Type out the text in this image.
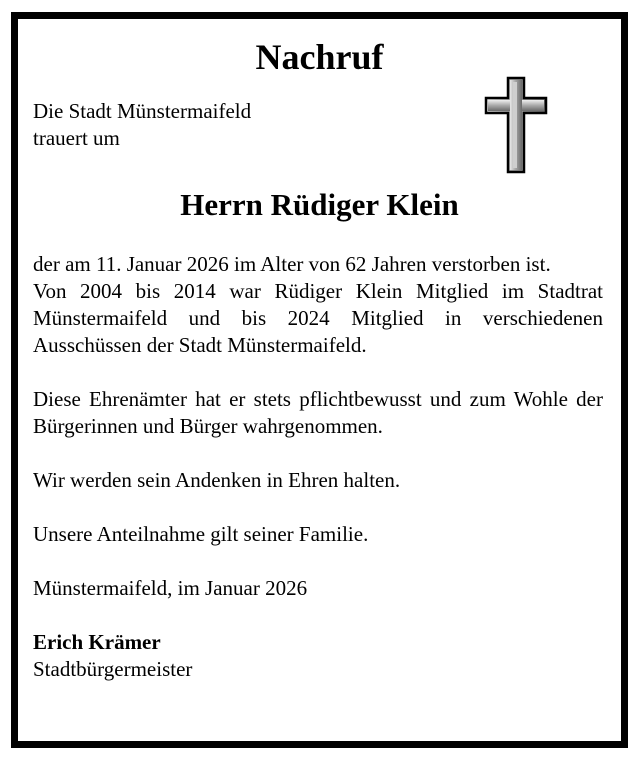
Nachruf
Die Stadt Münstermaifeld
trauert um
Herrn Rüdiger Klein

der am 11. Januar 2026 im Alter von 62 Jahren verstorben ist.

Von 2004 bis 2014 war Rüdiger Klein Mitglied im Stadtrat Münstermaifeld und bis 2024 Mitglied in verschiedenen Ausschüssen der Stadt Münstermaifeld.

Diese Ehrenämter hat er stets pflichtbewusst und zum Wohle der Bürgerinnen und Bürger wahrgenommen.

Wir werden sein Andenken in Ehren halten.

Unsere Anteilnahme gilt seiner Familie.

Münstermaifeld, im Januar 2026

Erich Krämer

Stadtbürgermeister
